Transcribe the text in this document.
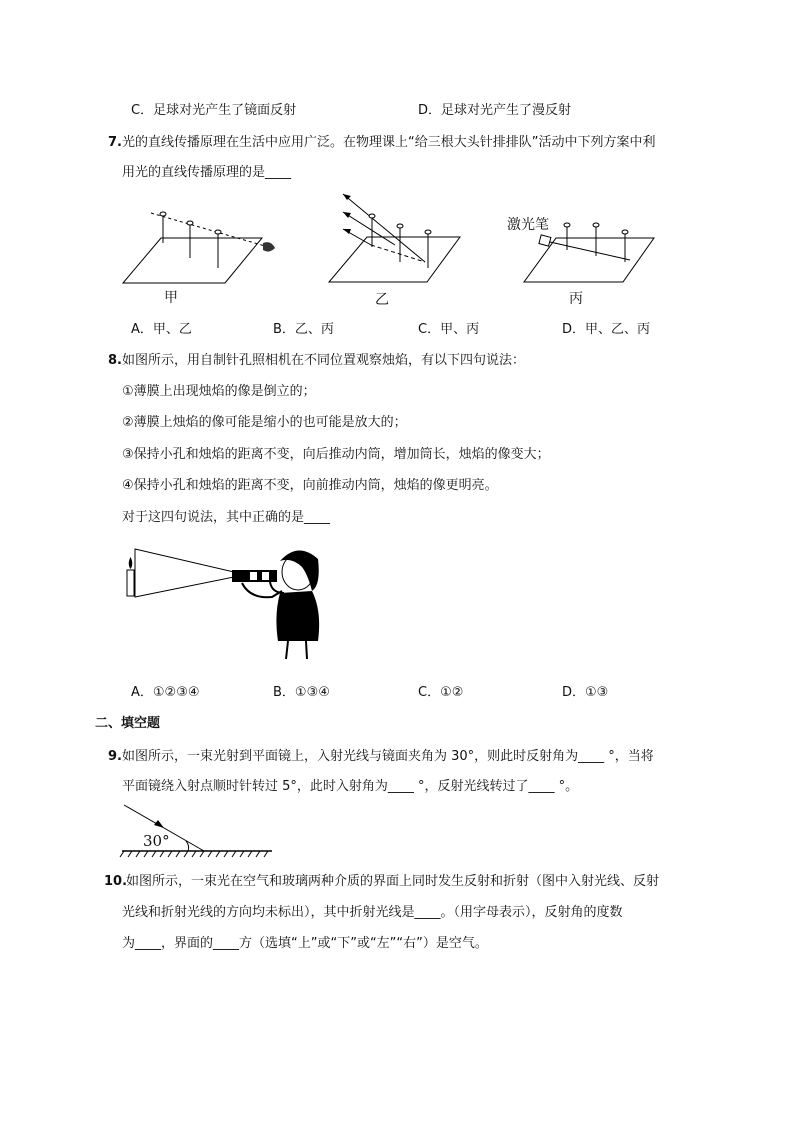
C．足球对光产生了镜面反射	D．足球对光产生了漫反射
7. 光的直线传播原理在生活中应用广泛。在物理课上“给三根大头针排排队”活动中下列方案中利
用光的直线传播原理的是____
甲	乙
激光笔
丙
A．甲、乙	B．乙、丙	C．甲、丙	D．甲、乙、丙
8. 如图所示，用自制针孔照相机在不同位置观察烛焰，有以下四句说法：
①薄膜上出现烛焰的像是倒立的；
②薄膜上烛焰的像可能是缩小的也可能是放大的；
③保持小孔和烛焰的距离不变，向后推动内筒，增加筒长，烛焰的像变大；
④保持小孔和烛焰的距离不变，向前推动内筒，烛焰的像更明亮。
对于这四句说法，其中正确的是____
A．①②③④	B．①③④	C．①②	D．①③
二、填空题
9. 如图所示，一束光射到平面镜上，入射光线与镜面夹角为 30°，则此时反射角为____ °，当将
平面镜绕入射点顺时针转过 5°，此时入射角为____ °，反射光线转过了____ °。
30°
10.
如图所示，一束光在空气和玻璃两种介质的界面上同时发生反射和折射（图中入射光线、反射
光线和折射光线的方向均未标出），其中折射光线是____。（用字母表示），反射角的度数
为____，界面的____方（选填“上”或“下”或“左”“右”）是空气。
